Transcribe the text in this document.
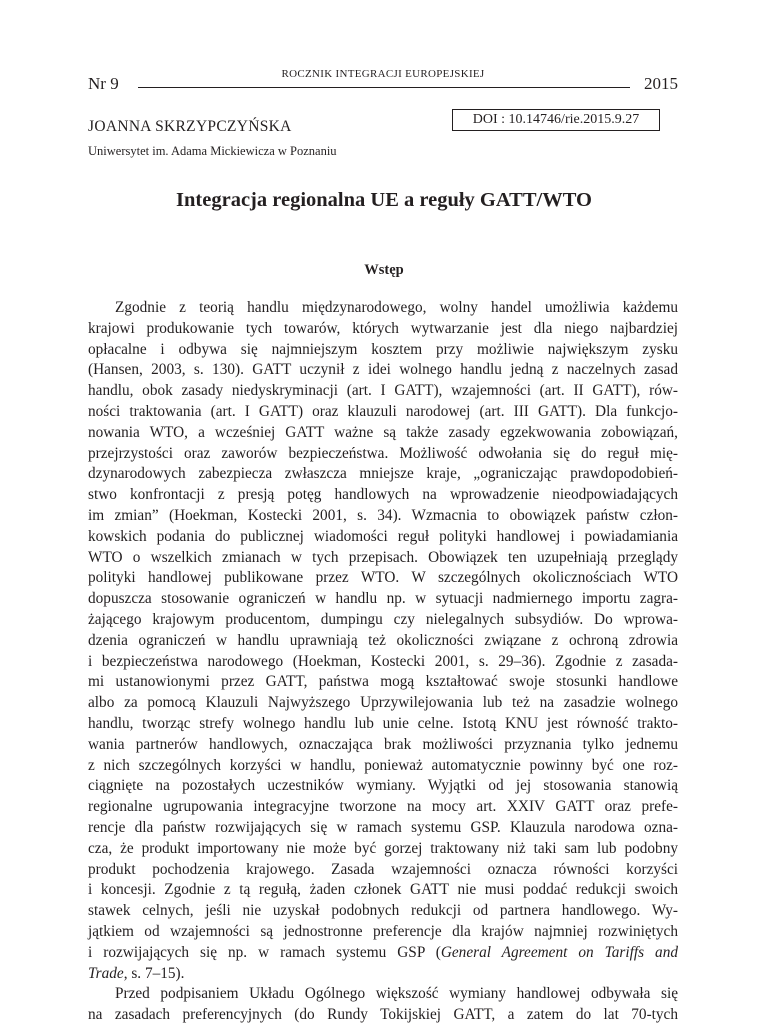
Nr 9	ROCZNIK INTEGRACJI EUROPEJSKIEJ	2015
JOANNA SKRZYPCZYŃSKA	DOI : 10.14746/rie.2015.9.27
Uniwersytet im. Adama Mickiewicza w Poznaniu
Integracja regionalna UE a reguły GATT/WTO
Wstęp
Zgodnie z teorią handlu międzynarodowego, wolny handel umożliwia każdemu
krajowi produkowanie tych towarów, których wytwarzanie jest dla niego najbardziej
opłacalne i odbywa się najmniejszym kosztem przy możliwie największym zysku
(Hansen, 2003, s. 130). GATT uczynił z idei wolnego handlu jedną z naczelnych zasad
handlu, obok zasady niedyskryminacji (art. I GATT), wzajemności (art. II GATT), rów-
ności traktowania (art. I GATT) oraz klauzuli narodowej (art. III GATT). Dla funkcjo-
nowania WTO, a wcześniej GATT ważne są także zasady egzekwowania zobowiązań,
przejrzystości oraz zaworów bezpieczeństwa. Możliwość odwołania się do reguł mię-
dzynarodowych zabezpiecza zwłaszcza mniejsze kraje, „ograniczając prawdopodobień-
stwo konfrontacji z presją potęg handlowych na wprowadzenie nieodpowiadających
im zmian” (Hoekman, Kostecki 2001, s. 34). Wzmacnia to obowiązek państw człon-
kowskich podania do publicznej wiadomości reguł polityki handlowej i powiadamiania
WTO o wszelkich zmianach w tych przepisach. Obowiązek ten uzupełniają przeglądy
polityki handlowej publikowane przez WTO. W szczególnych okolicznościach WTO
dopuszcza stosowanie ograniczeń w handlu np. w sytuacji nadmiernego importu zagra-
żającego krajowym producentom, dumpingu czy nielegalnych subsydiów. Do wprowa-
dzenia ograniczeń w handlu uprawniają też okoliczności związane z ochroną zdrowia
i bezpieczeństwa narodowego (Hoekman, Kostecki 2001, s. 29–36). Zgodnie z zasada-
mi ustanowionymi przez GATT, państwa mogą kształtować swoje stosunki handlowe
albo za pomocą Klauzuli Najwyższego Uprzywilejowania lub też na zasadzie wolnego
handlu, tworząc strefy wolnego handlu lub unie celne. Istotą KNU jest równość trakto-
wania partnerów handlowych, oznaczająca brak możliwości przyznania tylko jednemu
z nich szczególnych korzyści w handlu, ponieważ automatycznie powinny być one roz-
ciągnięte na pozostałych uczestników wymiany. Wyjątki od jej stosowania stanowią
regionalne ugrupowania integracyjne tworzone na mocy art. XXIV GATT oraz prefe-
rencje dla państw rozwijających się w ramach systemu GSP. Klauzula narodowa ozna-
cza, że produkt importowany nie może być gorzej traktowany niż taki sam lub podobny
produkt pochodzenia krajowego. Zasada wzajemności oznacza równości korzyści
i koncesji. Zgodnie z tą regułą, żaden członek GATT nie musi poddać redukcji swoich
stawek celnych, jeśli nie uzyskał podobnych redukcji od partnera handlowego. Wy-
jątkiem od wzajemności są jednostronne preferencje dla krajów najmniej rozwiniętych
i rozwijających się np. w ramach systemu GSP (General Agreement on Tariffs and
Trade, s. 7–15).
Przed podpisaniem Układu Ogólnego większość wymiany handlowej odbywała się
na zasadach preferencyjnych (do Rundy Tokijskiej GATT, a zatem do lat 70-tych
